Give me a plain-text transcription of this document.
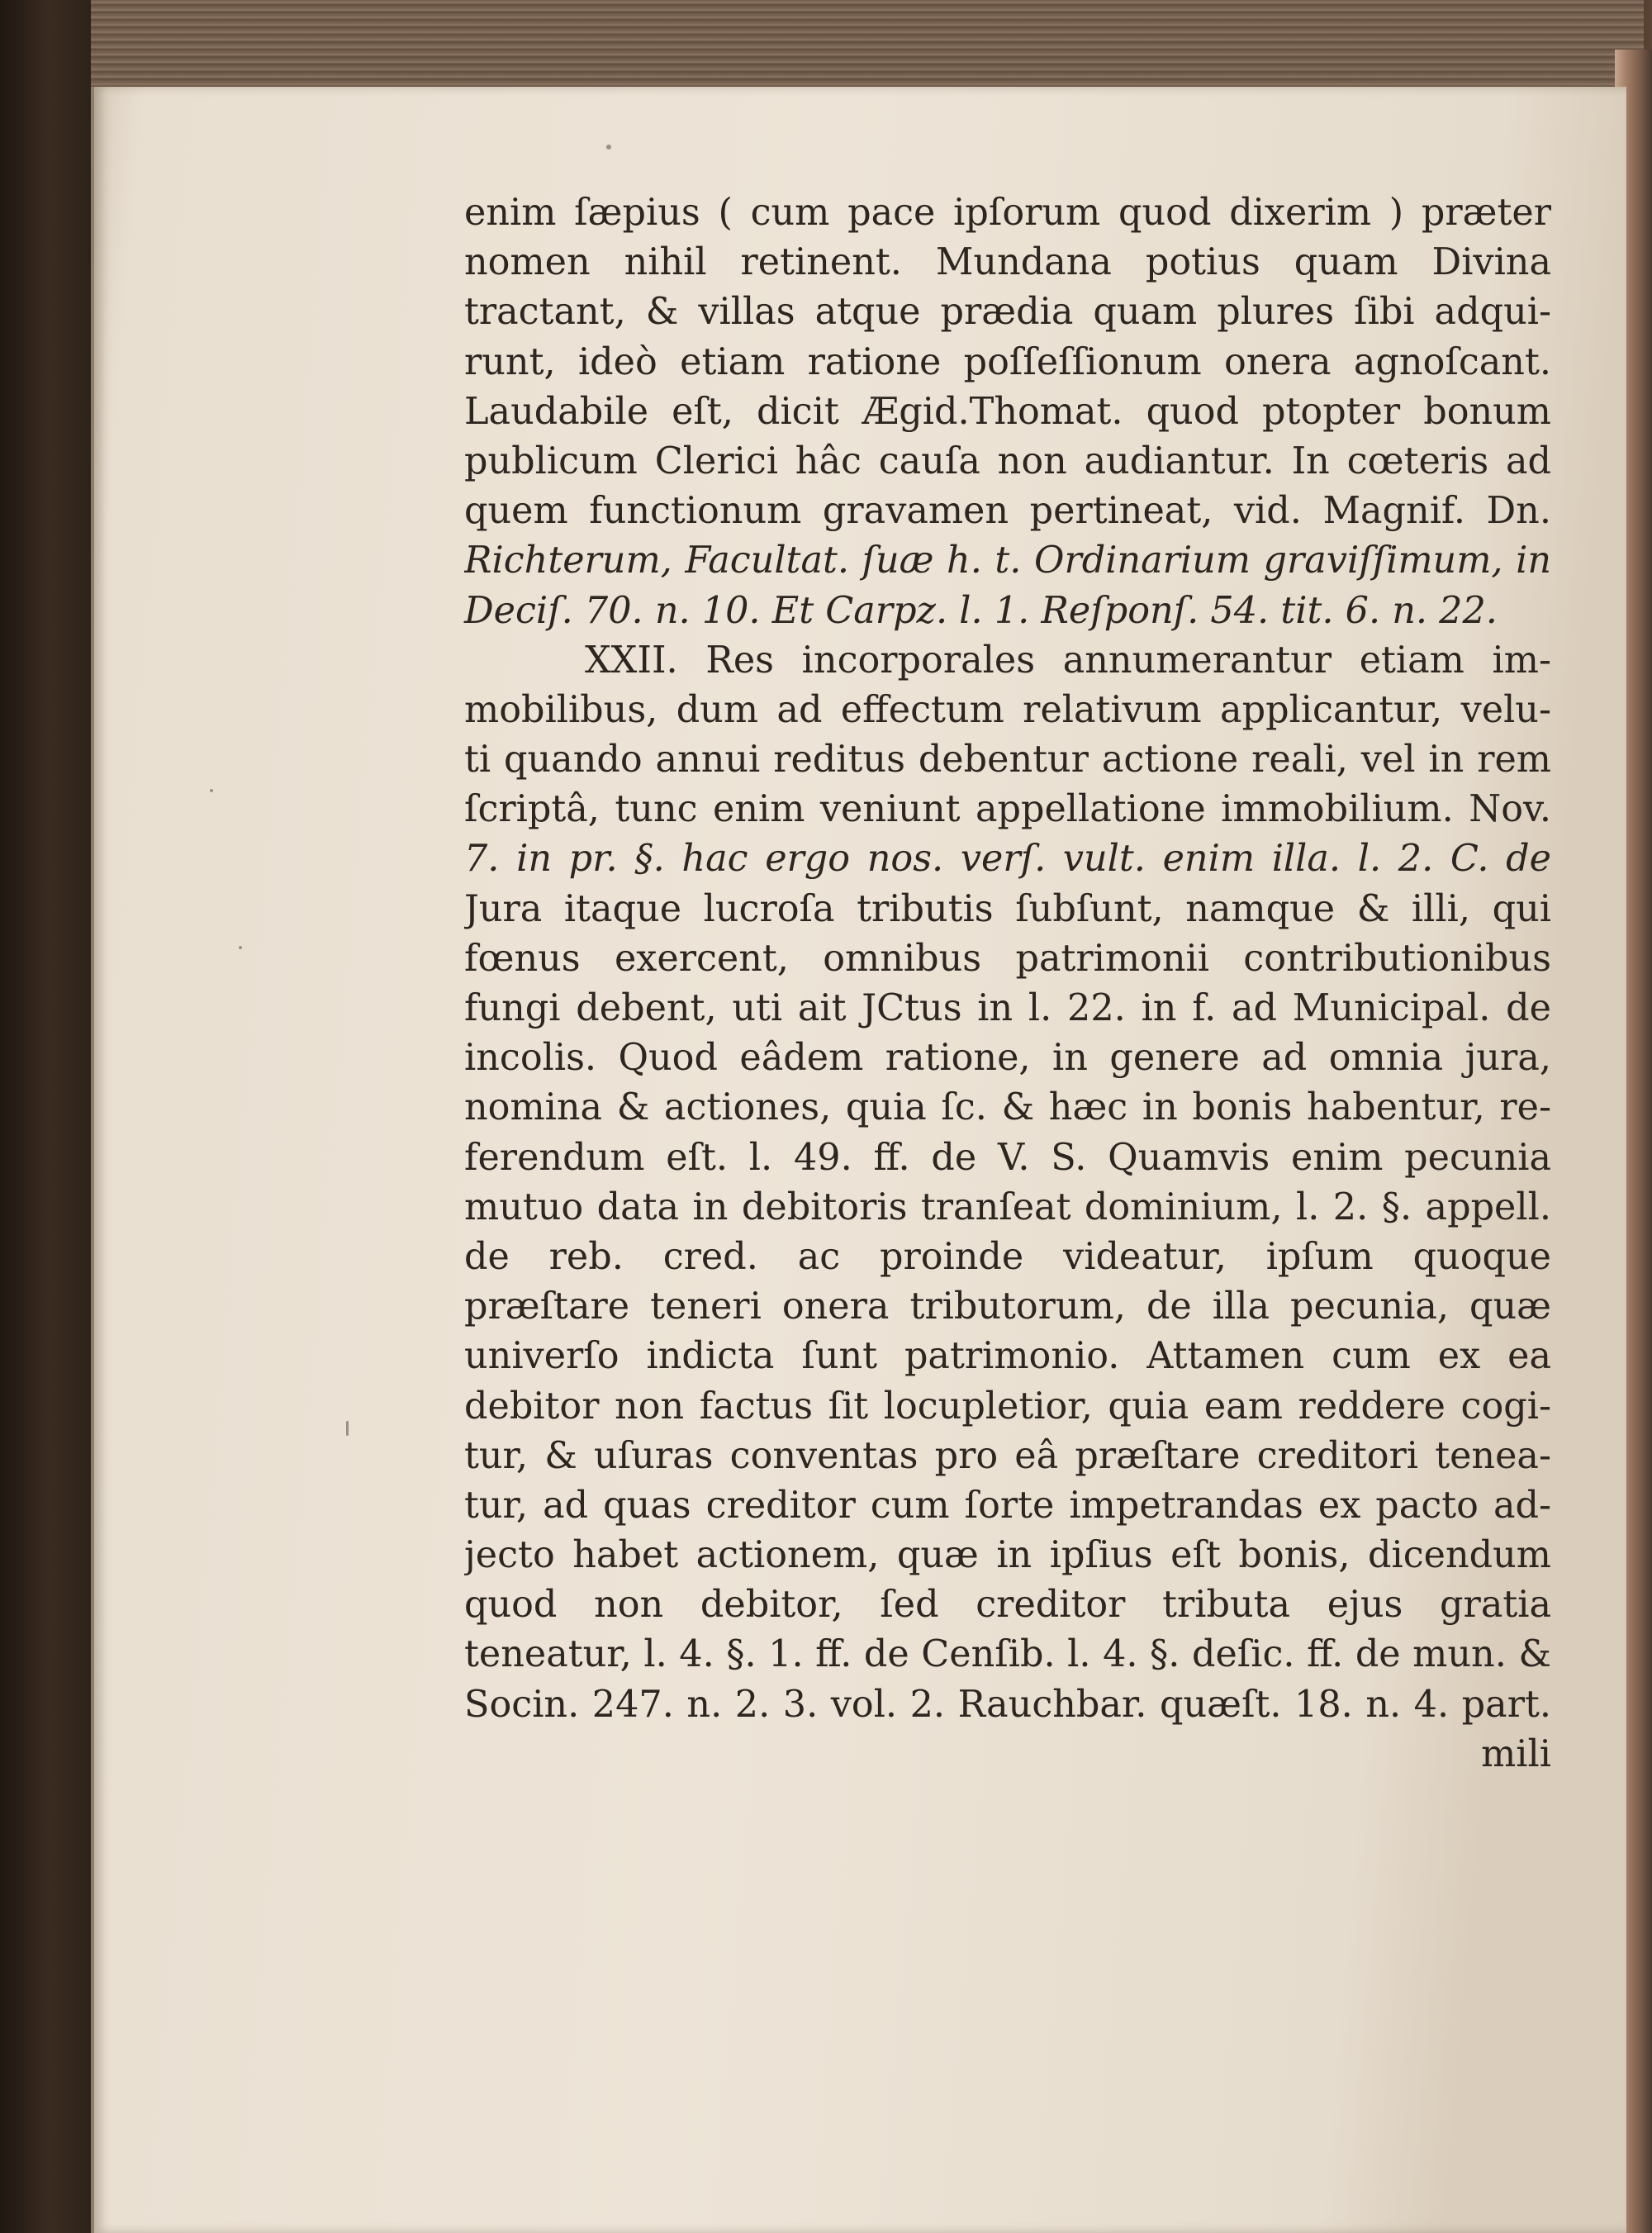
enim ſæpius ( cum pace ipſorum quod dixerim ) præter
nomen nihil retinent. Mundana potius quam Divina
tractant, & villas atque prædia quam plures ſibi adqui-
runt, ideò etiam ratione poſſeſſionum onera agnoſcant.
Laudabile eſt, dicit Ægid.Thomat. quod ptopter bonum
publicum Clerici hâc cauſa non audiantur. In cœteris ad
quem functionum gravamen pertineat, vid. Magnif. Dn.
Richterum, Facultat. ſuæ h. t. Ordinarium graviſſimum, in
Deciſ. 70. n. 10. Et Carpz. l. 1. Reſponſ. 54. tit. 6. n. 22.
XXII. Res incorporales annumerantur etiam im-
mobilibus, dum ad effectum relativum applicantur, velu-
ti quando annui reditus debentur actione reali, vel in rem
ſcriptâ, tunc enim veniunt appellatione immobilium. Nov.
7. in pr. §. hac ergo nos. verſ. vult. enim illa. l. 2. C. de
Jura itaque lucroſa tributis ſubſunt, namque & illi, qui
fœnus exercent, omnibus patrimonii contributionibus
fungi debent, uti ait JCtus in l. 22. in f. ad Municipal. de
incolis. Quod eâdem ratione, in genere ad omnia jura,
nomina & actiones, quia ſc. & hæc in bonis habentur, re-
ferendum eſt. l. 49. ff. de V. S. Quamvis enim pecunia
mutuo data in debitoris tranſeat dominium, l. 2. §. appell.
de reb. cred. ac proinde videatur, ipſum quoque
præſtare teneri onera tributorum, de illa pecunia, quæ
univerſo indicta ſunt patrimonio. Attamen cum ex ea
debitor non factus ſit locupletior, quia eam reddere cogi-
tur, & uſuras conventas pro eâ præſtare creditori tenea-
tur, ad quas creditor cum ſorte impetrandas ex pacto ad-
jecto habet actionem, quæ in ipſius eſt bonis, dicendum
quod non debitor, ſed creditor tributa ejus gratia
teneatur, l. 4. §. 1. ff. de Cenſib. l. 4. §. deſic. ff. de mun. &
Socin. 247. n. 2. 3. vol. 2. Rauchbar. quæſt. 18. n. 4. part.
mili
